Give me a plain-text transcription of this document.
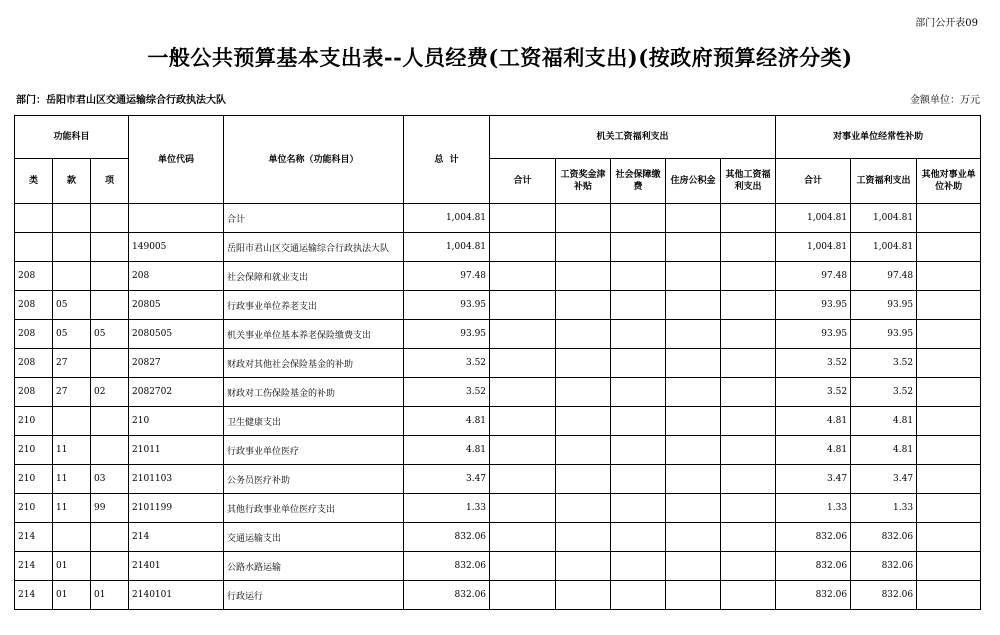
部门公开表09
一般公共预算基本支出表--人员经费(工资福利支出)(按政府预算经济分类)
部门：岳阳市君山区交通运输综合行政执法大队	金额单位：万元
功能科目			单位代码	单位名称（功能科目）	总  计	机关工资福利支出					对事业单位经常性补助		
类	款	项				合计	工资奖金津补贴	社会保障缴费	住房公积金	其他工资福利支出	合计	工资福利支出	其他对事业单位补助
				合计	1,004.81						1,004.81	1,004.81	
			149005	岳阳市君山区交通运输综合行政执法大队	1,004.81						1,004.81	1,004.81	
208			208	社会保障和就业支出	97.48						97.48	97.48	
208	05		20805	行政事业单位养老支出	93.95						93.95	93.95	
208	05	05	2080505	机关事业单位基本养老保险缴费支出	93.95						93.95	93.95	
208	27		20827	财政对其他社会保险基金的补助	3.52						3.52	3.52	
208	27	02	2082702	财政对工伤保险基金的补助	3.52						3.52	3.52	
210			210	卫生健康支出	4.81						4.81	4.81	
210	11		21011	行政事业单位医疗	4.81						4.81	4.81	
210	11	03	2101103	公务员医疗补助	3.47						3.47	3.47	
210	11	99	2101199	其他行政事业单位医疗支出	1.33						1.33	1.33	
214			214	交通运输支出	832.06						832.06	832.06	
214	01		21401	公路水路运输	832.06						832.06	832.06	
214	01	01	2140101	行政运行	832.06						832.06	832.06	
